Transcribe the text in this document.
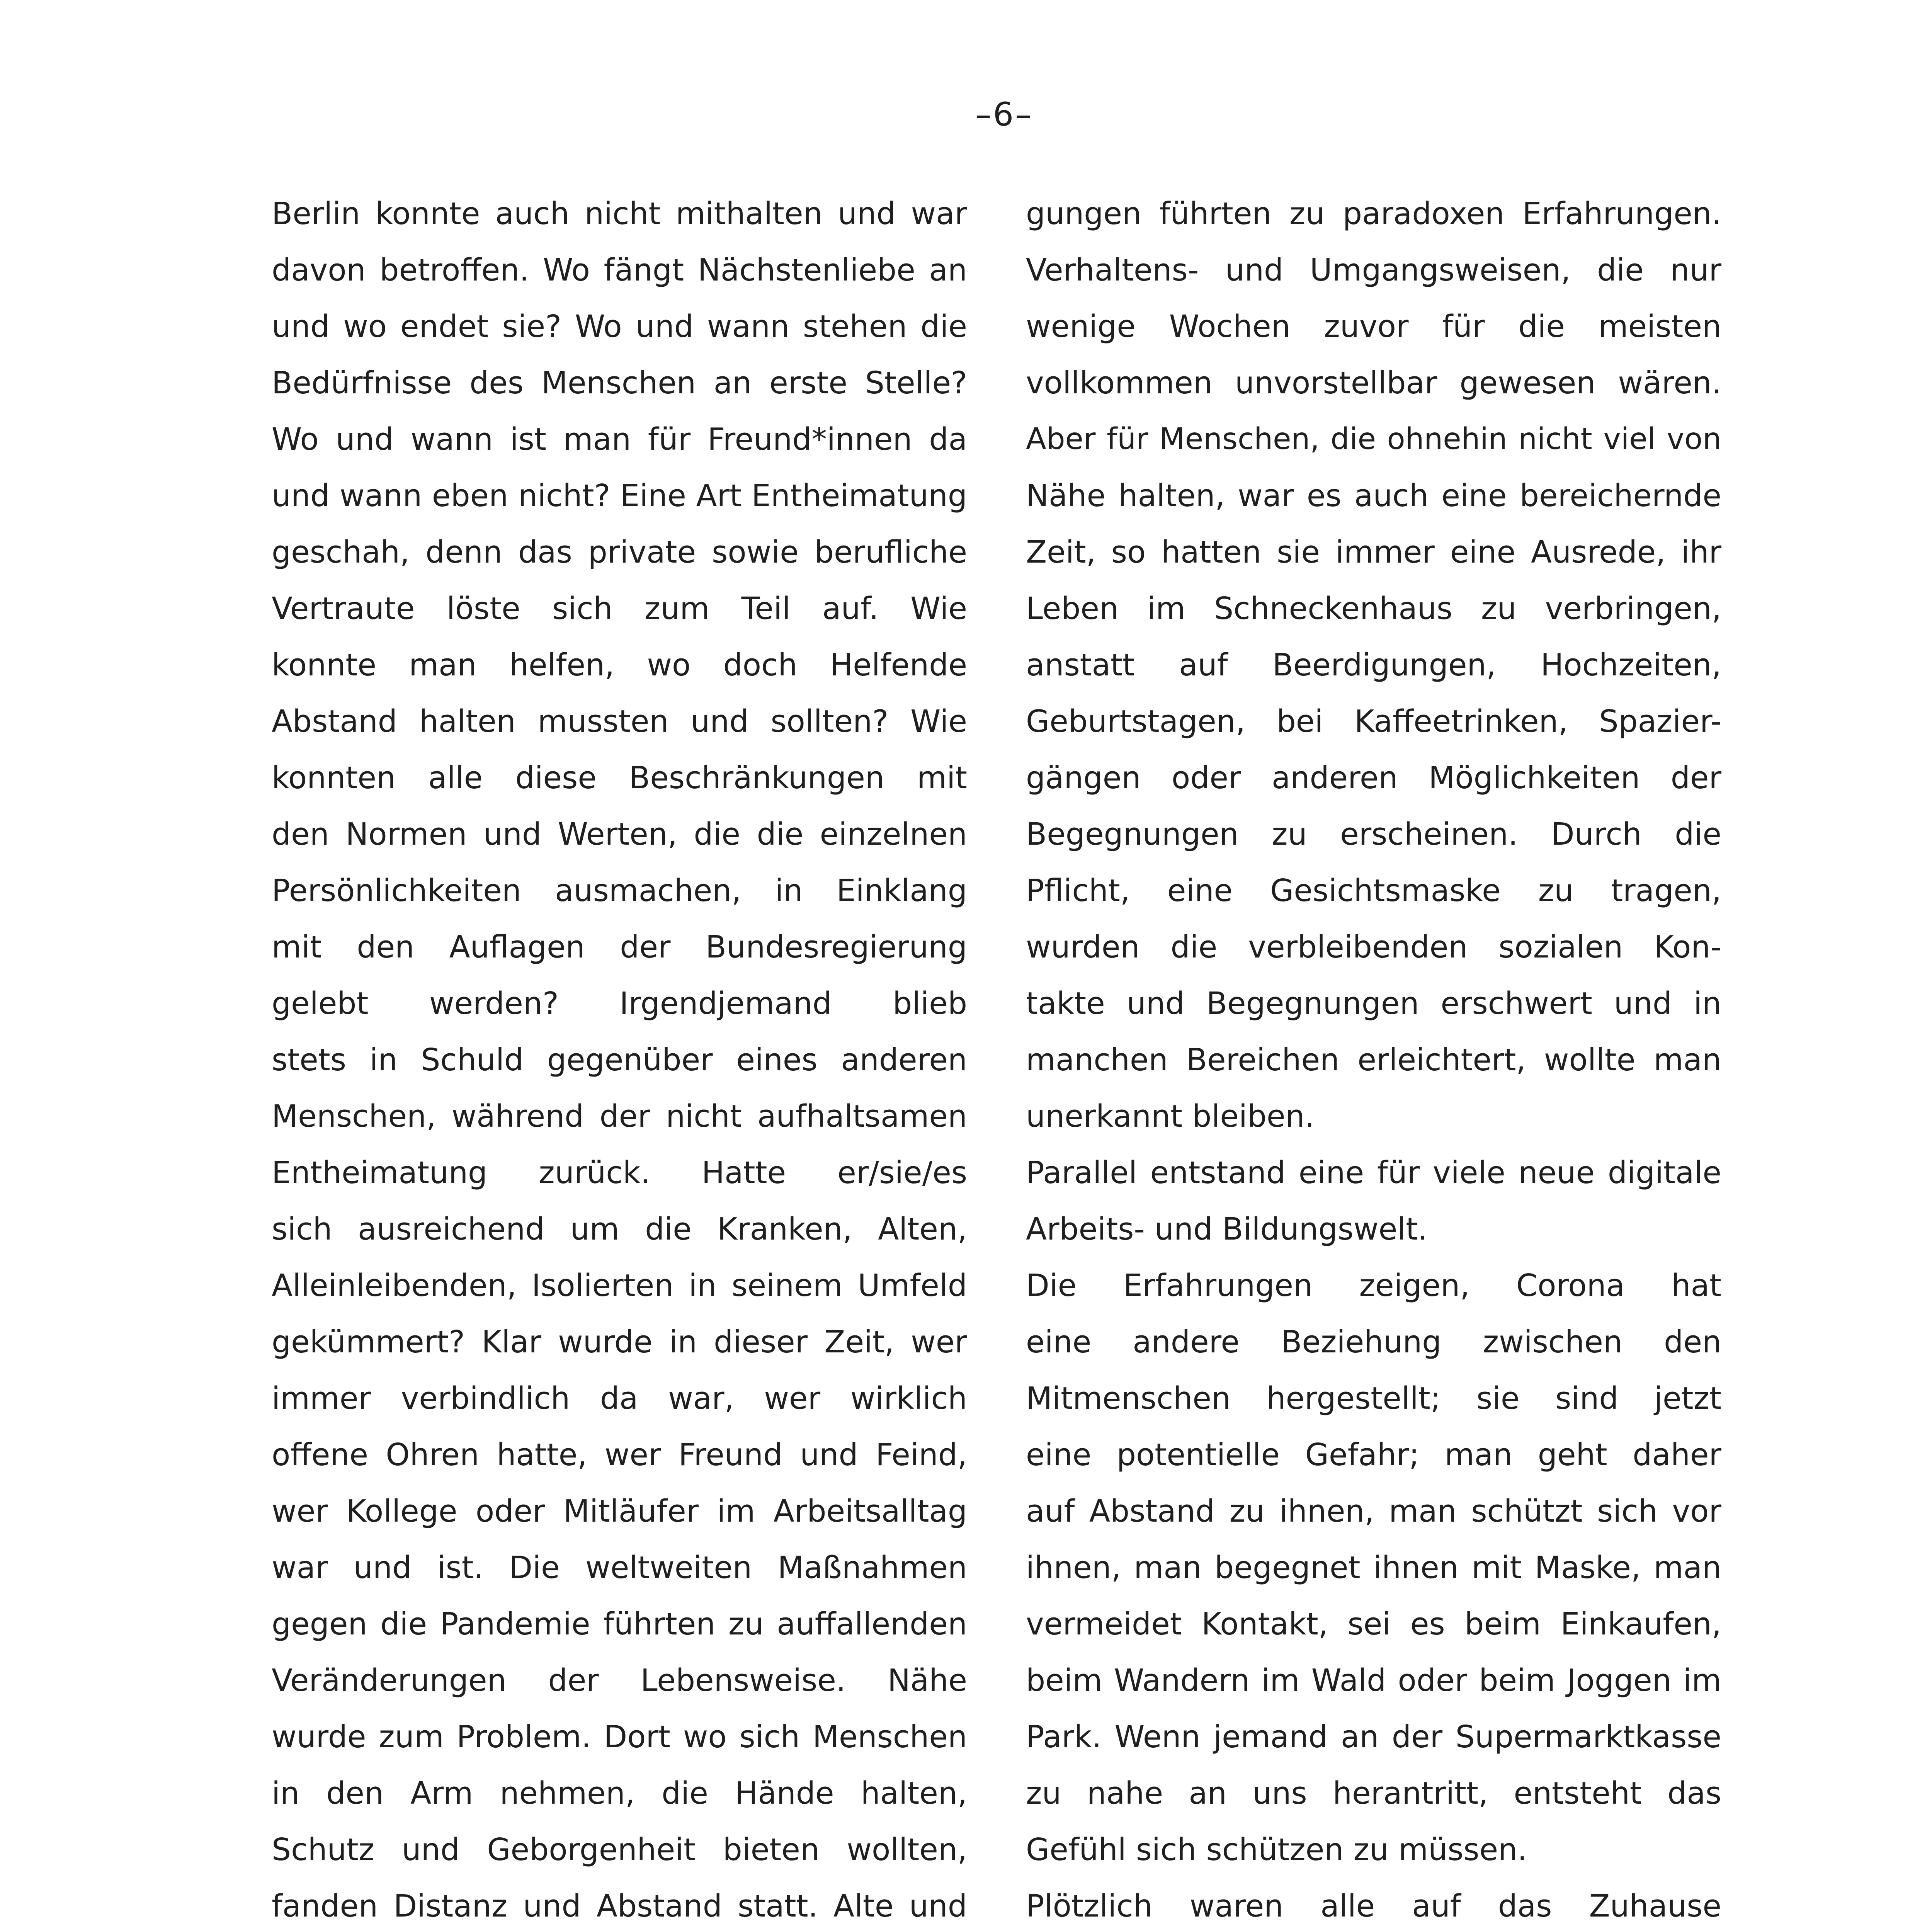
–6–
Berlin konnte auch nicht mithalten und war
davon betroffen. Wo fängt Nächstenliebe an
und wo endet sie? Wo und wann stehen die
Bedürfnisse des Menschen an erste Stelle?
Wo und wann ist man für Freund*innen da
und wann eben nicht? Eine Art Entheimatung
geschah, denn das private sowie berufliche
Vertraute löste sich zum Teil auf. Wie
konnte man helfen, wo doch Helfende
Abstand halten mussten und sollten? Wie
konnten alle diese Beschränkungen mit
den Normen und Werten, die die einzelnen
Persönlichkeiten ausmachen, in Einklang
mit den Auflagen der Bundesregierung
gelebt werden? Irgendjemand blieb
stets in Schuld gegenüber eines anderen
Menschen, während der nicht aufhaltsamen
Entheimatung zurück. Hatte er/sie/es
sich ausreichend um die Kranken, Alten,
Alleinleibenden, Isolierten in seinem Umfeld
gekümmert? Klar wurde in dieser Zeit, wer
immer verbindlich da war, wer wirklich
offene Ohren hatte, wer Freund und Feind,
wer Kollege oder Mitläufer im Arbeitsalltag
war und ist. Die weltweiten Maßnahmen
gegen die Pandemie führten zu auffallenden
Veränderungen der Lebensweise. Nähe
wurde zum Problem. Dort wo sich Menschen
in den Arm nehmen, die Hände halten,
Schutz und Geborgenheit bieten wollten,
fanden Distanz und Abstand statt. Alte und
gungen führten zu paradoxen Erfahrungen.
Verhaltens- und Umgangsweisen, die nur
wenige Wochen zuvor für die meisten
vollkommen unvorstellbar gewesen wären.
Aber für Menschen, die ohnehin nicht viel von
Nähe halten, war es auch eine bereichernde
Zeit, so hatten sie immer eine Ausrede, ihr
Leben im Schneckenhaus zu verbringen,
anstatt auf Beerdigungen, Hochzeiten,
Geburtstagen, bei Kaffeetrinken, Spazier-
gängen oder anderen Möglichkeiten der
Begegnungen zu erscheinen. Durch die
Pflicht, eine Gesichtsmaske zu tragen,
wurden die verbleibenden sozialen Kon-
takte und Begegnungen erschwert und in
manchen Bereichen erleichtert, wollte man
unerkannt bleiben.
Parallel entstand eine für viele neue digitale
Arbeits- und Bildungswelt.
Die Erfahrungen zeigen, Corona hat
eine andere Beziehung zwischen den
Mitmenschen hergestellt; sie sind jetzt
eine potentielle Gefahr; man geht daher
auf Abstand zu ihnen, man schützt sich vor
ihnen, man begegnet ihnen mit Maske, man
vermeidet Kontakt, sei es beim Einkaufen,
beim Wandern im Wald oder beim Joggen im
Park. Wenn jemand an der Supermarktkasse
zu nahe an uns herantritt, entsteht das
Gefühl sich schützen zu müssen.
Plötzlich waren alle auf das Zuhause
